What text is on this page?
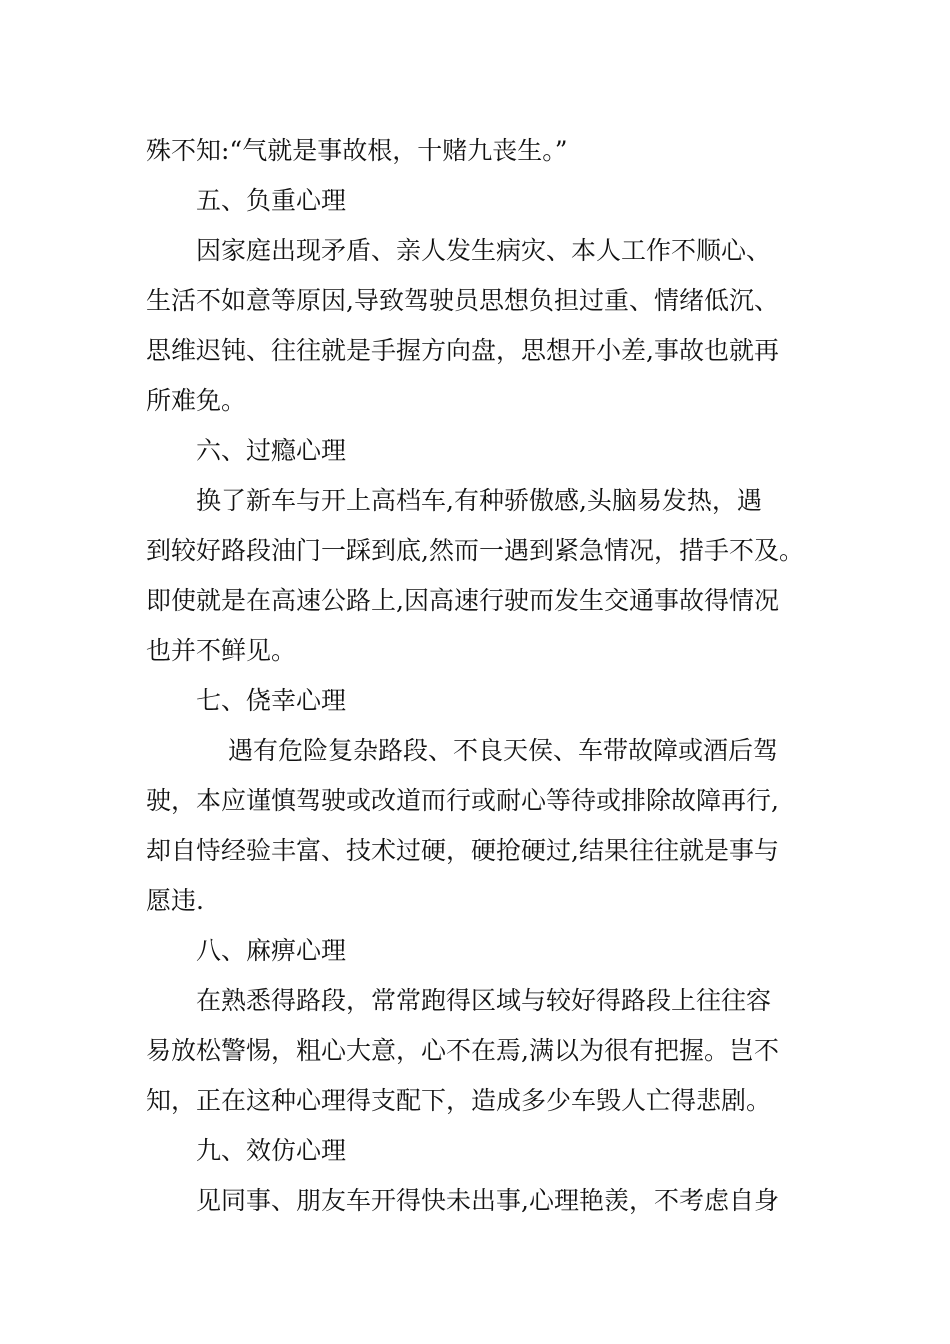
殊不知:“气就是事故根，十赌九丧生。”
五、负重心理
因家庭出现矛盾、亲人发生病灾、本人工作不顺心、
生活不如意等原因,导致驾驶员思想负担过重、情绪低沉、
思维迟钝、往往就是手握方向盘，思想开小差,事故也就再
所难免。
六、过瘾心理
换了新车与开上高档车,有种骄傲感,头脑易发热，遇
到较好路段油门一踩到底,然而一遇到紧急情况，措手不及。
即使就是在高速公路上,因高速行驶而发生交通事故得情况
也并不鲜见。
七、侥幸心理
遇有危险复杂路段、不良天侯、车带故障或酒后驾
驶，本应谨慎驾驶或改道而行或耐心等待或排除故障再行,
却自恃经验丰富、技术过硬，硬抢硬过,结果往往就是事与
愿违.
八、麻痹心理
在熟悉得路段，常常跑得区域与较好得路段上往往容
易放松警惕，粗心大意，心不在焉,满以为很有把握。岂不
知，正在这种心理得支配下，造成多少车毁人亡得悲剧。
九、效仿心理
见同事、朋友车开得快未出事,心理艳羡，不考虑自身
